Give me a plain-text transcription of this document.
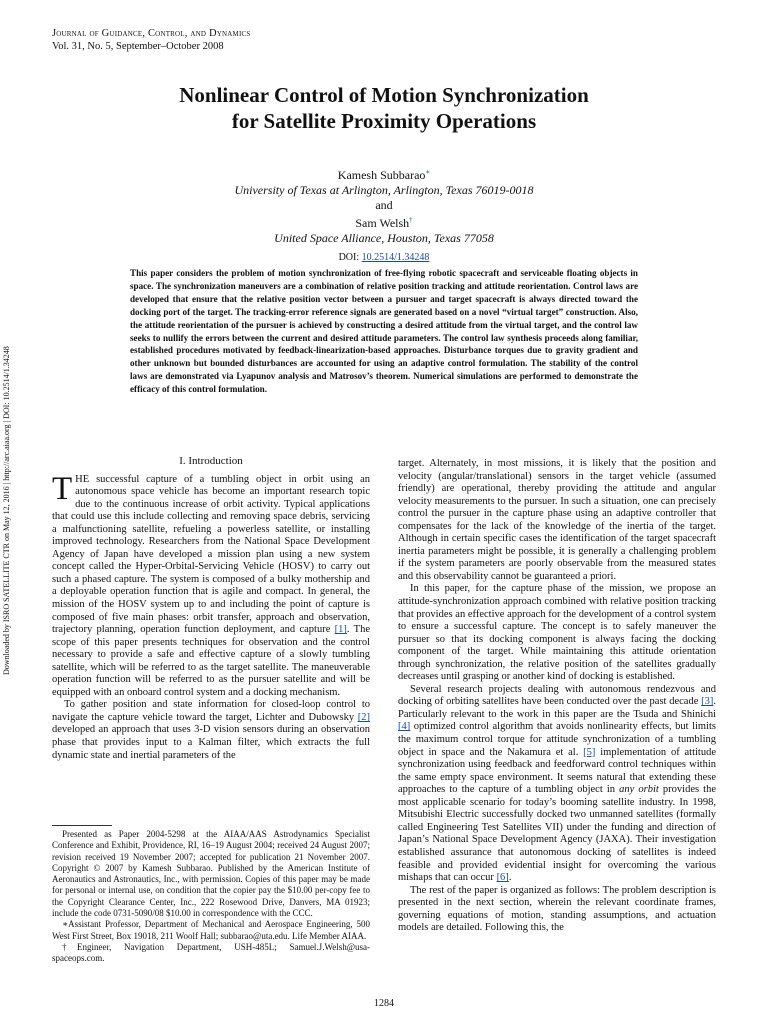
Journal of Guidance, Control, and Dynamics
Vol. 31, No. 5, September–October 2008
Downloaded by ISRO SATELLITE CTR on May 12, 2016 | http://arc.aiaa.org | DOI: 10.2514/1.34248
Nonlinear Control of Motion Synchronization
for Satellite Proximity Operations
Kamesh Subbarao∗
University of Texas at Arlington, Arlington, Texas 76019-0018
and
Sam Welsh†
United Space Alliance, Houston, Texas 77058
DOI: 10.2514/1.34248
This paper considers the problem of motion synchronization of free-flying robotic spacecraft and serviceable floating objects in space. The synchronization maneuvers are a combination of relative position tracking and attitude reorientation. Control laws are developed that ensure that the relative position vector between a pursuer and target spacecraft is always directed toward the docking port of the target. The tracking-error reference signals are generated based on a novel “virtual target” construction. Also, the attitude reorientation of the pursuer is achieved by constructing a desired attitude from the virtual target, and the control law seeks to nullify the errors between the current and desired attitude parameters. The control law synthesis proceeds along familiar, established procedures motivated by feedback-linearization-based approaches. Disturbance torques due to gravity gradient and other unknown but bounded disturbances are accounted for using an adaptive control formulation. The stability of the control laws are demonstrated via Lyapunov analysis and Matrosov’s theorem. Numerical simulations are performed to demonstrate the efficacy of this control formulation.
I. Introduction

THE successful capture of a tumbling object in orbit using an autonomous space vehicle has become an important research topic due to the continuous increase of orbit activity. Typical applications that could use this include collecting and removing space debris, servicing a malfunctioning satellite, refueling a powerless satellite, or installing improved technology. Researchers from the National Space Development Agency of Japan have developed a mission plan using a new system concept called the Hyper-Orbital-Servicing Vehicle (HOSV) to carry out such a phased capture. The system is composed of a bulky mothership and a deployable operation function that is agile and compact. In general, the mission of the HOSV system up to and including the point of capture is composed of five main phases: orbit transfer, approach and observation, trajectory planning, operation function deployment, and capture [1]. The scope of this paper presents techniques for observation and the control necessary to provide a safe and effective capture of a slowly tumbling satellite, which will be referred to as the target satellite. The maneuverable operation function will be referred to as the pursuer satellite and will be equipped with an onboard control system and a docking mechanism.

To gather position and state information for closed-loop control to navigate the capture vehicle toward the target, Lichter and Dubowsky [2] developed an approach that uses 3-D vision sensors during an observation phase that provides input to a Kalman filter, which extracts the full dynamic state and inertial parameters of the

Presented as Paper 2004-5298 at the AIAA/AAS Astrodynamics Specialist Conference and Exhibit, Providence, RI, 16–19 August 2004; received 24 August 2007; revision received 19 November 2007; accepted for publication 21 November 2007. Copyright © 2007 by Kamesh Subbarao. Published by the American Institute of Aeronautics and Astronautics, Inc., with permission. Copies of this paper may be made for personal or internal use, on condition that the copier pay the $10.00 per-copy fee to the Copyright Clearance Center, Inc., 222 Rosewood Drive, Danvers, MA 01923; include the code 0731-5090/08 $10.00 in correspondence with the CCC.

∗Assistant Professor, Department of Mechanical and Aerospace Engineering, 500 West First Street, Box 19018, 211 Woolf Hall; subbarao@uta.edu. Life Member AIAA.

†Engineer, Navigation Department, USH-485L; Samuel.J.Welsh@usa-spaceops.com.

target. Alternately, in most missions, it is likely that the position and velocity (angular/translational) sensors in the target vehicle (assumed friendly) are operational, thereby providing the attitude and angular velocity measurements to the pursuer. In such a situation, one can precisely control the pursuer in the capture phase using an adaptive controller that compensates for the lack of the knowledge of the inertia of the target. Although in certain specific cases the identification of the target spacecraft inertia parameters might be possible, it is generally a challenging problem if the system parameters are poorly observable from the measured states and this observability cannot be guaranteed a priori.

In this paper, for the capture phase of the mission, we propose an attitude-synchronization approach combined with relative position tracking that provides an effective approach for the development of a control system to ensure a successful capture. The concept is to safely maneuver the pursuer so that its docking component is always facing the docking component of the target. While maintaining this attitude orientation through synchronization, the relative position of the satellites gradually decreases until grasping or another kind of docking is established.

Several research projects dealing with autonomous rendezvous and docking of orbiting satellites have been conducted over the past decade [3]. Particularly relevant to the work in this paper are the Tsuda and Shinichi [4] optimized control algorithm that avoids nonlinearity effects, but limits the maximum control torque for attitude synchronization of a tumbling object in space and the Nakamura et al. [5] implementation of attitude synchronization using feedback and feedforward control techniques within the same empty space environment. It seems natural that extending these approaches to the capture of a tumbling object in any orbit provides the most applicable scenario for today’s booming satellite industry. In 1998, Mitsubishi Electric successfully docked two unmanned satellites (formally called Engineering Test Satellites VII) under the funding and direction of Japan’s National Space Development Agency (JAXA). Their investigation established assurance that autonomous docking of satellites is indeed feasible and provided evidential insight for overcoming the various mishaps that can occur [6].

The rest of the paper is organized as follows: The problem description is presented in the next section, wherein the relevant coordinate frames, governing equations of motion, standing assumptions, and actuation models are detailed. Following this, the

1284
